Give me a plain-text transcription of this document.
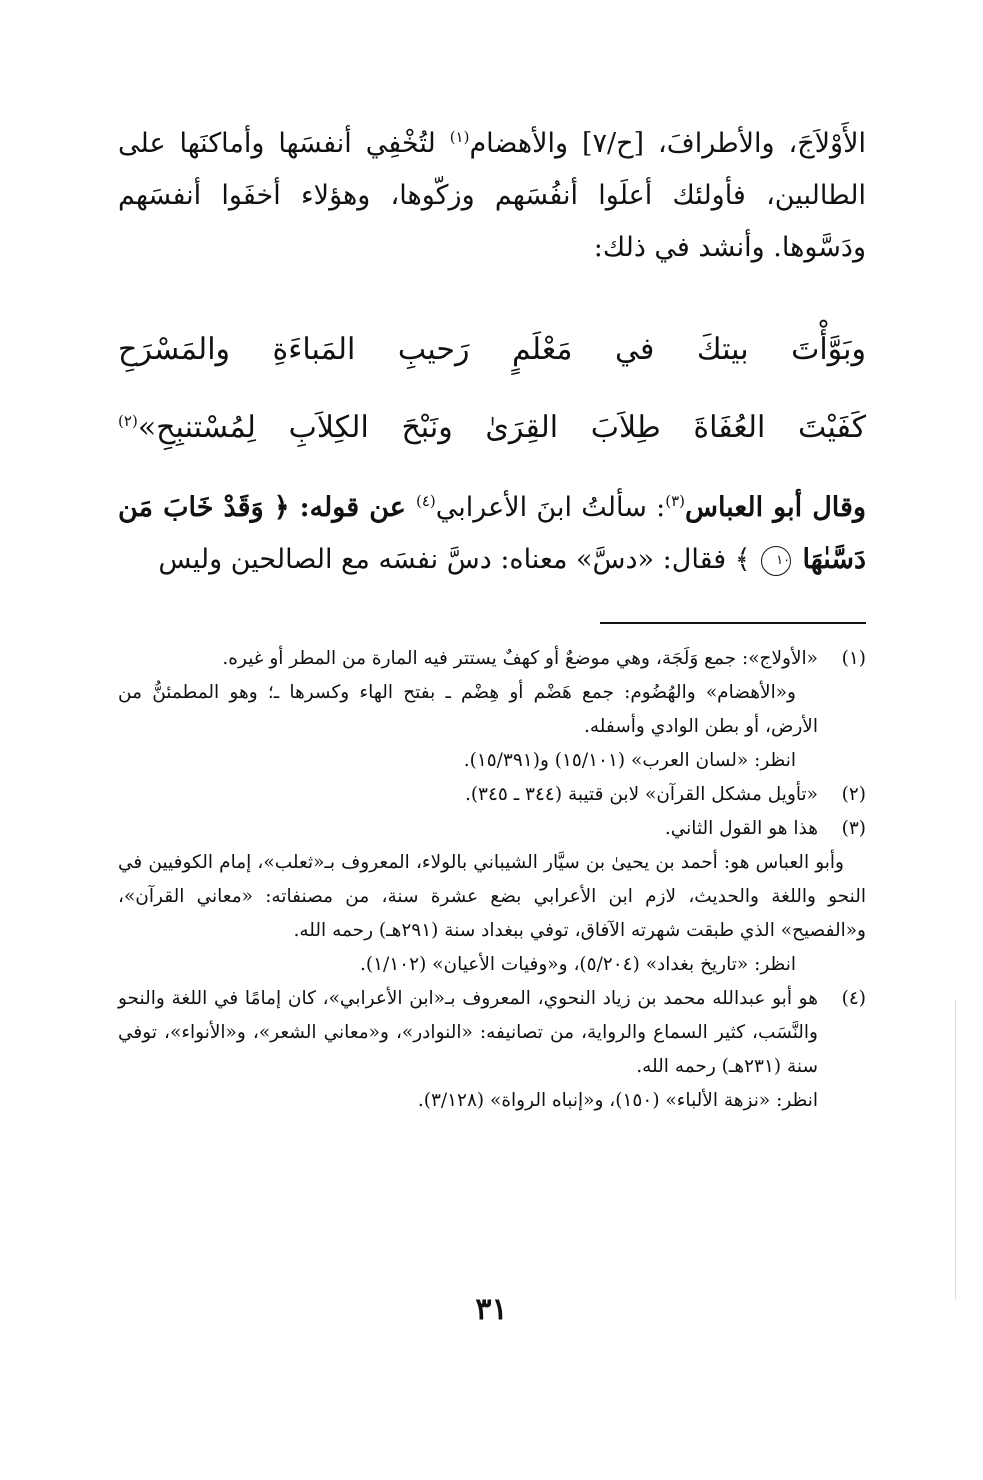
الأَوْلاَجَ، والأطرافَ، [ح/٧] والأهضام$^{(١)}$ لتُخْفِي أنفسَها وأماكنَها على الطالبين، فأولئك أعلَوا أنفُسَهم وزكّوها، وهؤلاء أخفَوا أنفسَهم ودَسَّوها. وأنشد في ذلك:

وبَوَّأْتَ
بيتكَ
في
مَعْلَمٍ
رَحيبِ
المَباءَةِ
والمَسْرَحِ
كَفَيْتَ
العُفَاةَ
طِلاَبَ
القِرَىٰ
ونَبْحَ
الكِلاَبِ
لِمُسْتنبِحِ»$^{(٢)}$

وقال أبو العباس$^{(٣)}$: سألتُ ابنَ الأعرابي$^{(٤)}$ عن قوله: ﴿ وَقَدْ خَابَ مَن دَسَّىٰهَا ١٠ ﴾ فقال: «دسَّ» معناه: دسَّ نفسَه مع الصالحين وليس

(١)

«الأولاج»: جمع وَلَجَة، وهي موضعٌ أو كهفٌ يستتر فيه المارة من المطر أو غيره.

و«الأهضام» والهُضُوم: جمع هَضْم أو هِضْم ـ بفتح الهاء وكسرها ـ؛ وهو المطمئنُّ من الأرض، أو بطن الوادي وأسفله.

انظر: «لسان العرب» (١٥/١٠١) و(١٥/٣٩١).

(٢)

«تأويل مشكل القرآن» لابن قتيبة (٣٤٤ ـ ٣٤٥).

(٣)

هذا هو القول الثاني.

وأبو العباس هو: أحمد بن يحيىٰ بن سيَّار الشيباني بالولاء، المعروف بـ«ثعلب»، إمام الكوفيين في النحو واللغة والحديث، لازم ابن الأعرابي بضع عشرة سنة، من مصنفاته: «معاني القرآن»، و«الفصيح» الذي طبقت شهرته الآفاق، توفي ببغداد سنة (٢٩١هـ) رحمه الله.

انظر: «تاريخ بغداد» (٥/٢٠٤)، و«وفيات الأعيان» (١/١٠٢).

(٤)

هو أبو عبدالله محمد بن زياد النحوي، المعروف بـ«ابن الأعرابي»، كان إمامًا في اللغة والنحو والنَّسَب، كثير السماع والرواية، من تصانيفه: «النوادر»، و«معاني الشعر»، و«الأنواء»، توفي سنة (٢٣١هـ) رحمه الله.

انظر: «نزهة الألباء» (١٥٠)، و«إنباه الرواة» (٣/١٢٨).

٣١
